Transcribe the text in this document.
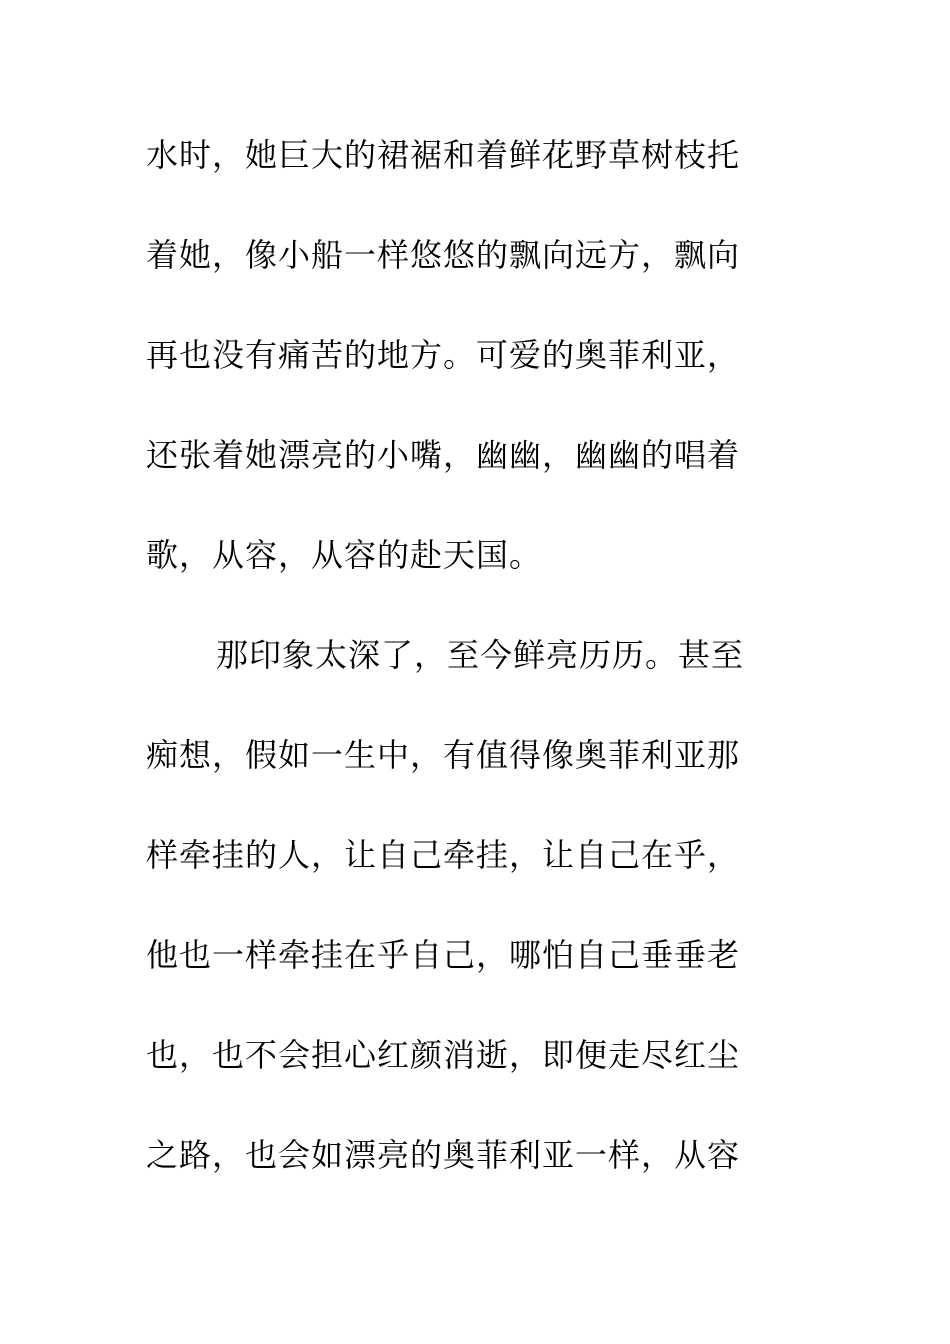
水时，她巨大的裙裾和着鲜花野草树枝托
着她，像小船一样悠悠的飘向远方，飘向
再也没有痛苦的地方。可爱的奥菲利亚，
还张着她漂亮的小嘴，幽幽，幽幽的唱着
歌，从容，从容的赴天国。
那印象太深了，至今鲜亮历历。甚至
痴想，假如一生中，有值得像奥菲利亚那
样牵挂的人，让自己牵挂，让自己在乎，
他也一样牵挂在乎自己，哪怕自己垂垂老
也，也不会担心红颜消逝，即便走尽红尘
之路，也会如漂亮的奥菲利亚一样，从容
